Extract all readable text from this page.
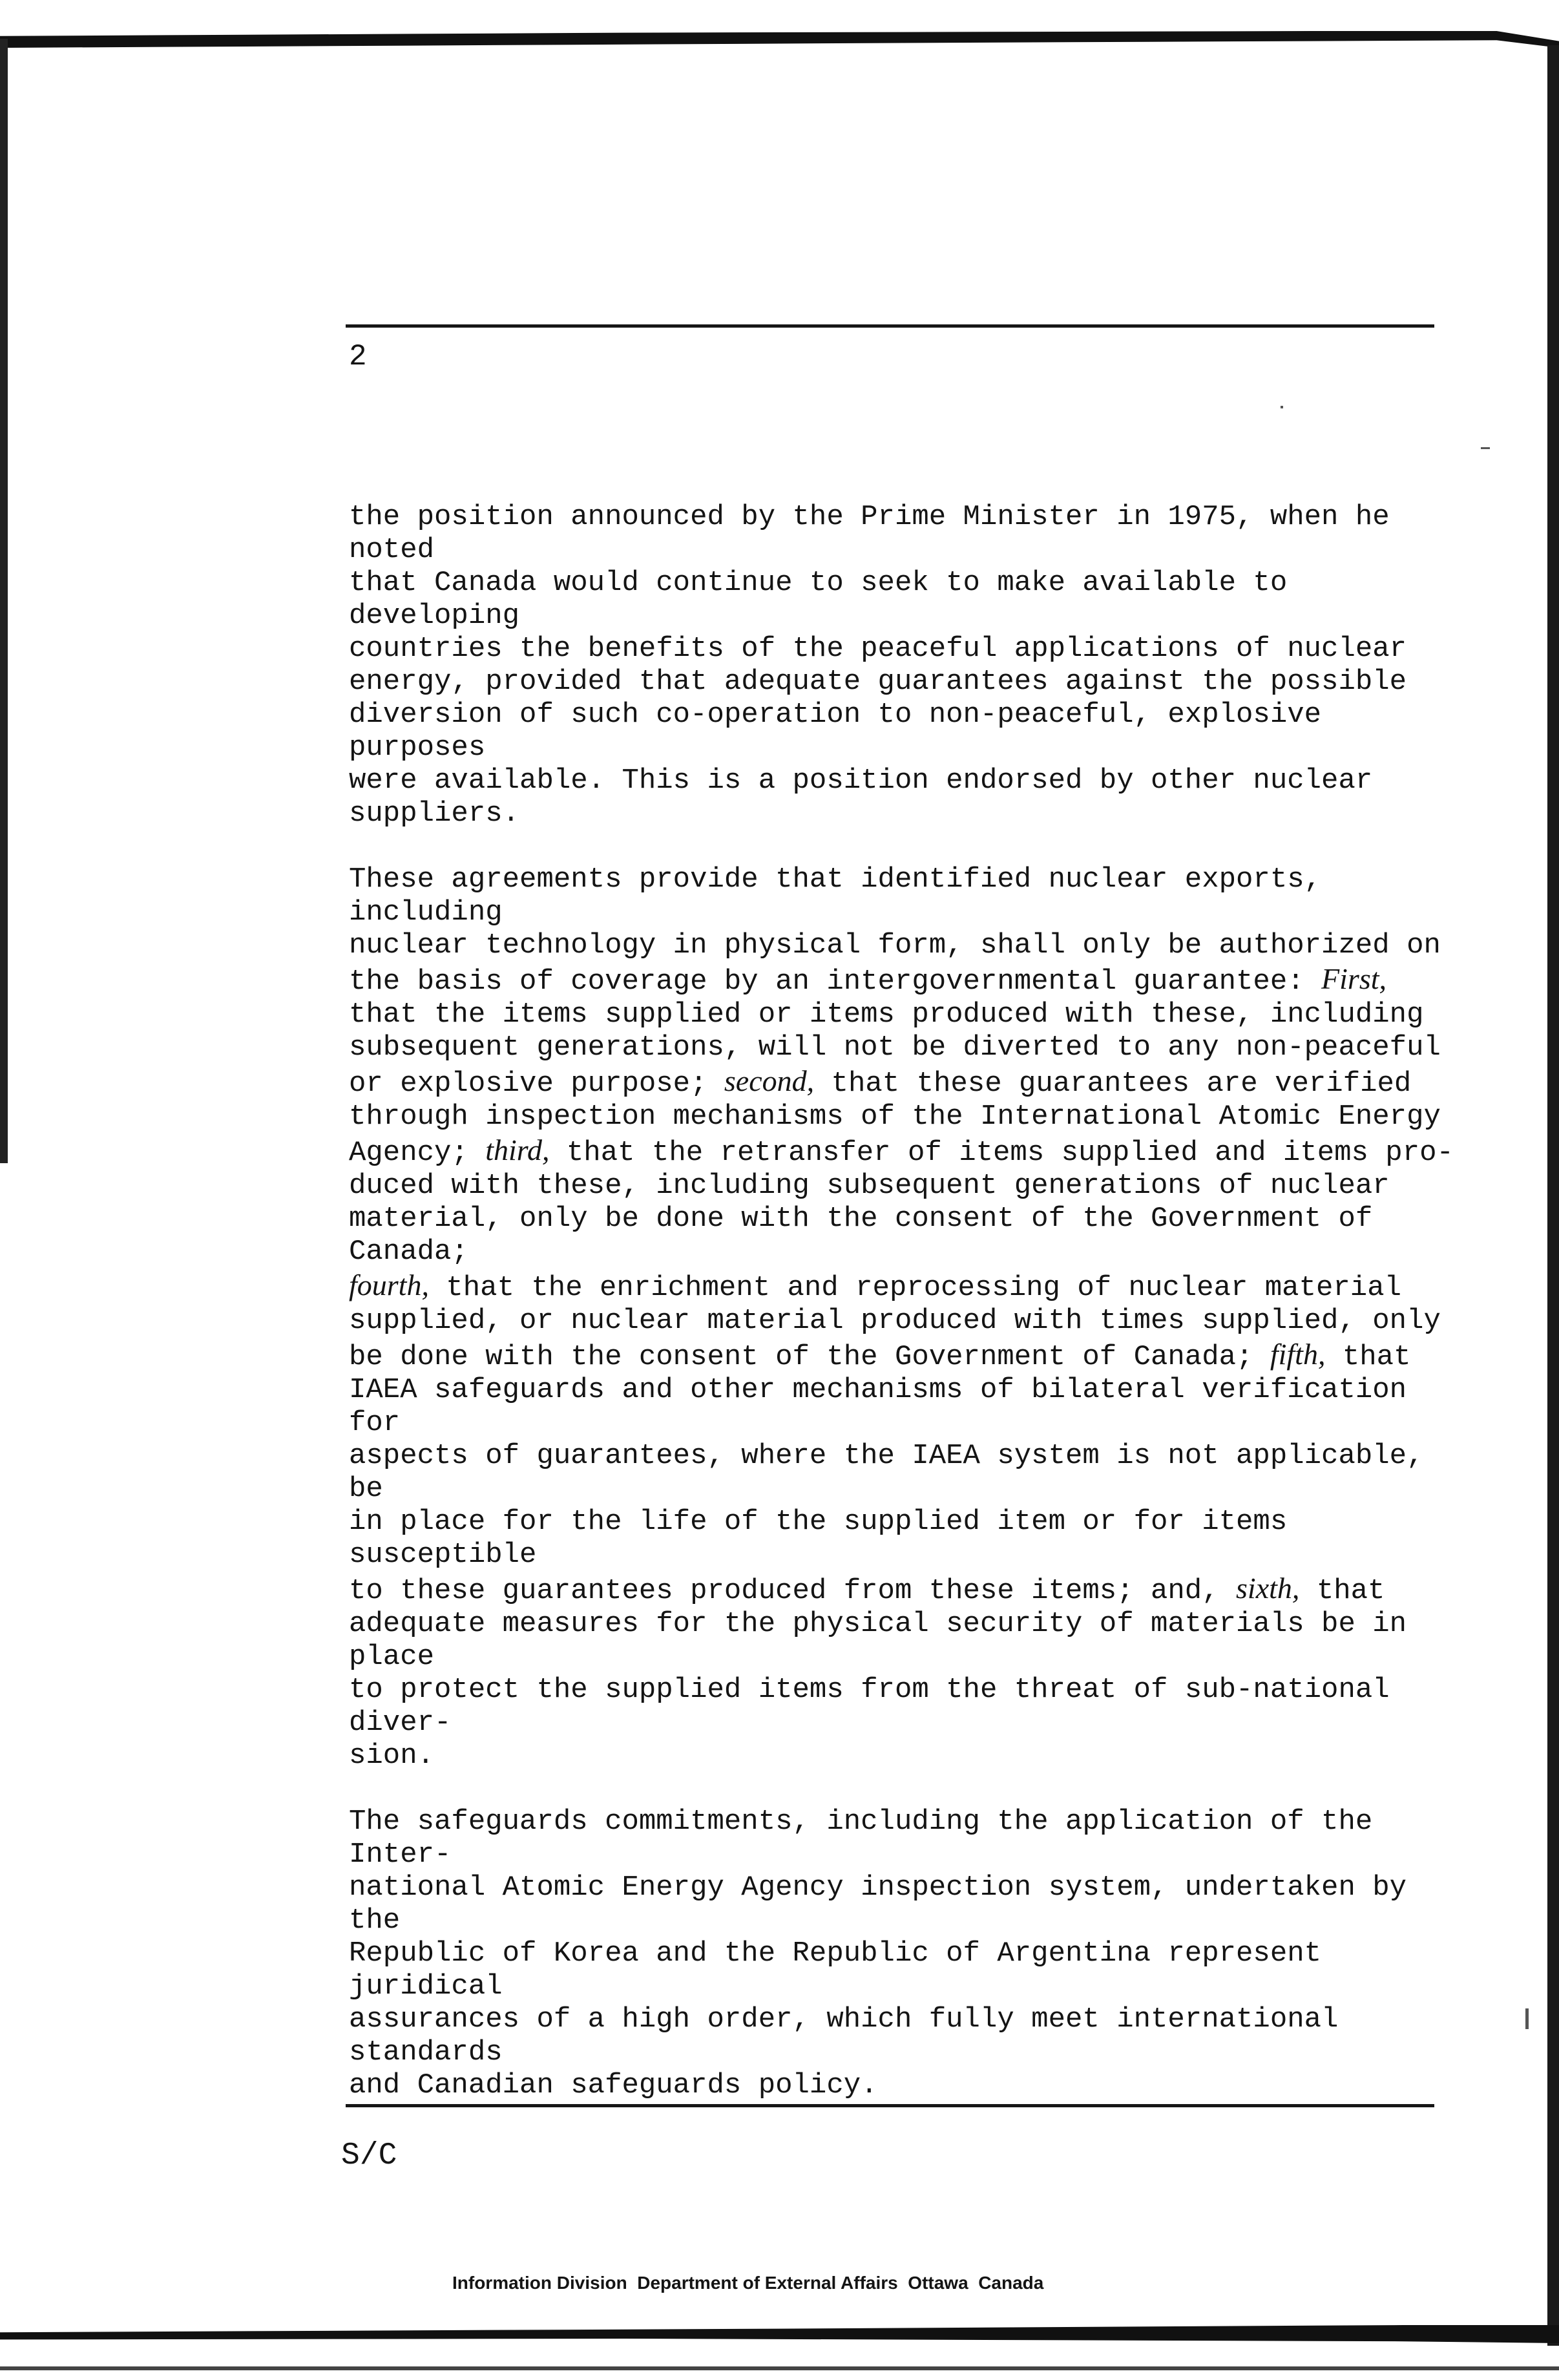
2

the position announced by the Prime Minister in 1975, when he noted
that Canada would continue to seek to make available to developing
countries the benefits of the peaceful applications of nuclear
energy, provided that adequate guarantees against the possible
diversion of such co-operation to non-peaceful, explosive purposes
were available. This is a position endorsed by other nuclear
suppliers.

These agreements provide that identified nuclear exports, including
nuclear technology in physical form, shall only be authorized on
the basis of coverage by an intergovernmental guarantee: First,
that the items supplied or items produced with these, including
subsequent generations, will not be diverted to any non-peaceful
or explosive purpose; second, that these guarantees are verified
through inspection mechanisms of the International Atomic Energy
Agency; third, that the retransfer of items supplied and items pro-
duced with these, including subsequent generations of nuclear
material, only be done with the consent of the Government of Canada;
fourth, that the enrichment and reprocessing of nuclear material
supplied, or nuclear material produced with times supplied, only
be done with the consent of the Government of Canada; fifth, that
IAEA safeguards and other mechanisms of bilateral verification for
aspects of guarantees, where the IAEA system is not applicable, be
in place for the life of the supplied item or for items susceptible
to these guarantees produced from these items; and, sixth, that
adequate measures for the physical security of materials be in place
to protect the supplied items from the threat of sub-national diver-
sion.

The safeguards commitments, including the application of the Inter-
national Atomic Energy Agency inspection system, undertaken by the
Republic of Korea and the Republic of Argentina represent juridical
assurances of a high order, which fully meet international standards
and Canadian safeguards policy.

S/C
Information Division  Department of External Affairs  Ottawa  Canada
